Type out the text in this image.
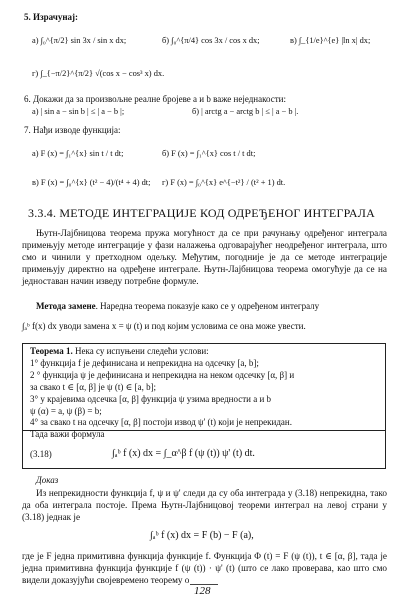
5. Израчунај:
a) ∫₀^{π/2} sin 3x / sin x dx;	б) ∫₀^{π/4} cos 3x / cos x dx;	в) ∫_{1/e}^{e} |ln x| dx;
г) ∫_{−π/2}^{π/2} √(cos x − cos³ x) dx.
6. Докажи да за произвољне реалне бројеве a и b важе неједнакости:
а) | sin a − sin b | ≤ | a − b |;	б) | arctg a − arctg b | ≤ | a − b |.
7. Нађи изводе функција:
а) F (x) = ∫₁^{x} sin t / t dt;	б) F (x) = ∫₁^{x} cos t / t dt;
в) F (x) = ∫₀^{x} (t² − 4)/(t⁴ + 4) dt; г) F (x) = ∫₀^{x} e^{−t²} / (t² + 1) dt.
3.3.4. МЕТОДЕ ИНТЕГРАЦИЈЕ КОД ОДРЕЂЕНОГ ИНТЕГРАЛА
Њутн-Лајбницова теорема пружа могућност да се при рачунању одређеног интеграла примењују методе интеграције у фази налажења одговарајућег неодређеног интеграла, што смо и чинили у претходном одељку. Међутим, погодније је да се методе интеграције примењују директно на одређене интеграле. Њутн-Лајбницова теорема омогућује да се на једноставан начин изведу потребне формуле.
Метода замене. Наредна теорема показује како се у одређеном интегралу
∫ₐᵇ f(x) dx уводи замена x = ψ (t) и под којим условима се она може увести.
Теорема 1. Нека су испуњени следећи услови:
1° функција f је дефинисана и непрекидна на одсечку [a, b];
2 ° функција ψ је дефинисана и непрекидна на неком одсечку [α, β] и
за свако t ∈ [α, β] је ψ (t) ∈ [a, b];
3° у крајевима одсечка [α, β] функција ψ узима вредности a и b
ψ (α) = a, ψ (β) = b;
4° за свако t на одсечку [α, β] постоји извод ψ' (t) који је непрекидан.
Тада важи формула
(3.18)	∫ₐᵇ f (x) dx = ∫_α^β f (ψ (t)) ψ' (t) dt.
Доказ
Из непрекидности функција f, ψ и ψ' следи да су оба интеграда у (3.18) непрекидна, тако да оба интеграла постоје. Према Њутн-Лајбницовој теореми интеграл на левој страни у (3.18) једнак је
∫ₐᵇ f (x) dx = F (b) − F (a),
где је F једна примитивна функција функције f. Функција Φ (t) = F (ψ (t)), t ∈ [α, β], тада је једна примитивна функција функције f (ψ (t)) · ψ' (t) (што се лако проверава, као што смо видели доказујући својевремено теорему о
128
